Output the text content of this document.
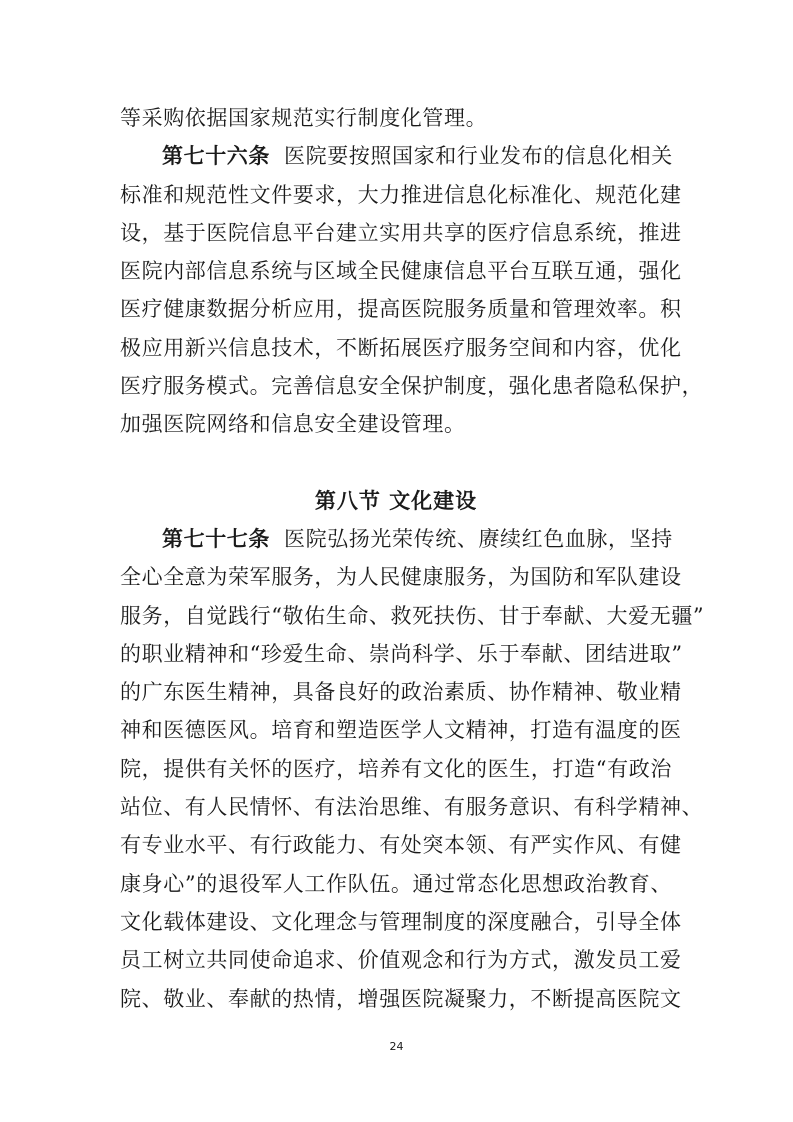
等采购依据国家规范实行制度化管理。
第七十六条 医院要按照国家和行业发布的信息化相关
标准和规范性文件要求，大力推进信息化标准化、规范化建
设，基于医院信息平台建立实用共享的医疗信息系统，推进
医院内部信息系统与区域全民健康信息平台互联互通，强化
医疗健康数据分析应用，提高医院服务质量和管理效率。积
极应用新兴信息技术，不断拓展医疗服务空间和内容，优化
医疗服务模式。完善信息安全保护制度，强化患者隐私保护，
加强医院网络和信息安全建设管理。
第八节 文化建设
第七十七条 医院弘扬光荣传统、赓续红色血脉，坚持
全心全意为荣军服务，为人民健康服务，为国防和军队建设
服务，自觉践行“敬佑生命、救死扶伤、甘于奉献、大爱无疆”
的职业精神和“珍爱生命、崇尚科学、乐于奉献、团结进取”
的广东医生精神，具备良好的政治素质、协作精神、敬业精
神和医德医风。培育和塑造医学人文精神，打造有温度的医
院，提供有关怀的医疗，培养有文化的医生，打造“有政治
站位、有人民情怀、有法治思维、有服务意识、有科学精神、
有专业水平、有行政能力、有处突本领、有严实作风、有健
康身心”的退役军人工作队伍。通过常态化思想政治教育、
文化载体建设、文化理念与管理制度的深度融合，引导全体
员工树立共同使命追求、价值观念和行为方式，激发员工爱
院、敬业、奉献的热情，增强医院凝聚力，不断提高医院文
24
